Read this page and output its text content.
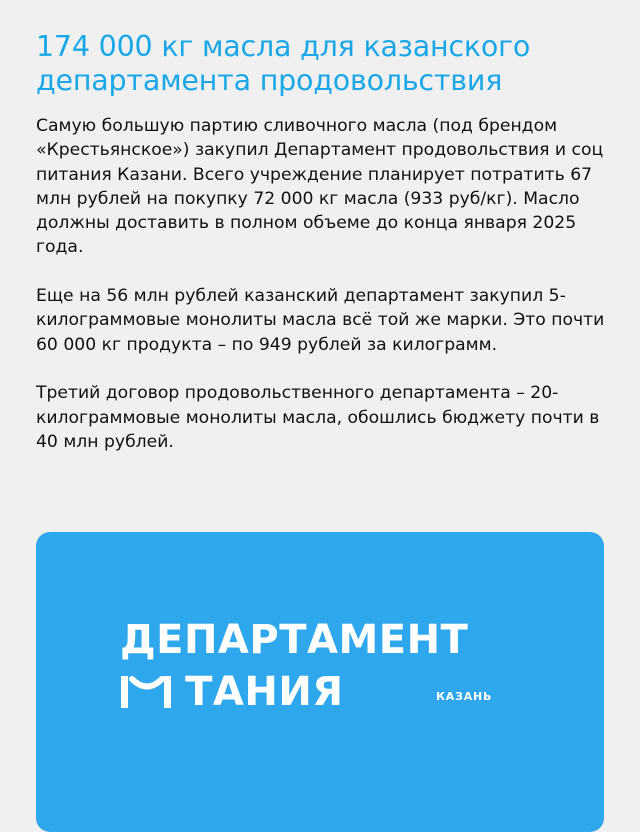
174 000 кг масла для казанского департамента продовольствия

Самую большую партию сливочного масла (под брендом «Крестьянское») закупил Департамент продовольствия и соц питания Казани. Всего учреждение планирует потратить 67 млн рублей на покупку 72 000 кг масла (933 руб/кг). Масло должны доставить в полном объеме до конца января 2025 года.

Еще на 56 млн рублей казанский департамент закупил 5-килограммовые монолиты масла всё той же марки. Это почти 60 000 кг продукта – по 949 рублей за килограмм.

Третий договор продовольственного департамента – 20-килограммовые монолиты масла, обошлись бюджету почти в 40 млн рублей.

ДЕПАРТАМЕНТ
ТАНИЯ	КАЗАНЬ
